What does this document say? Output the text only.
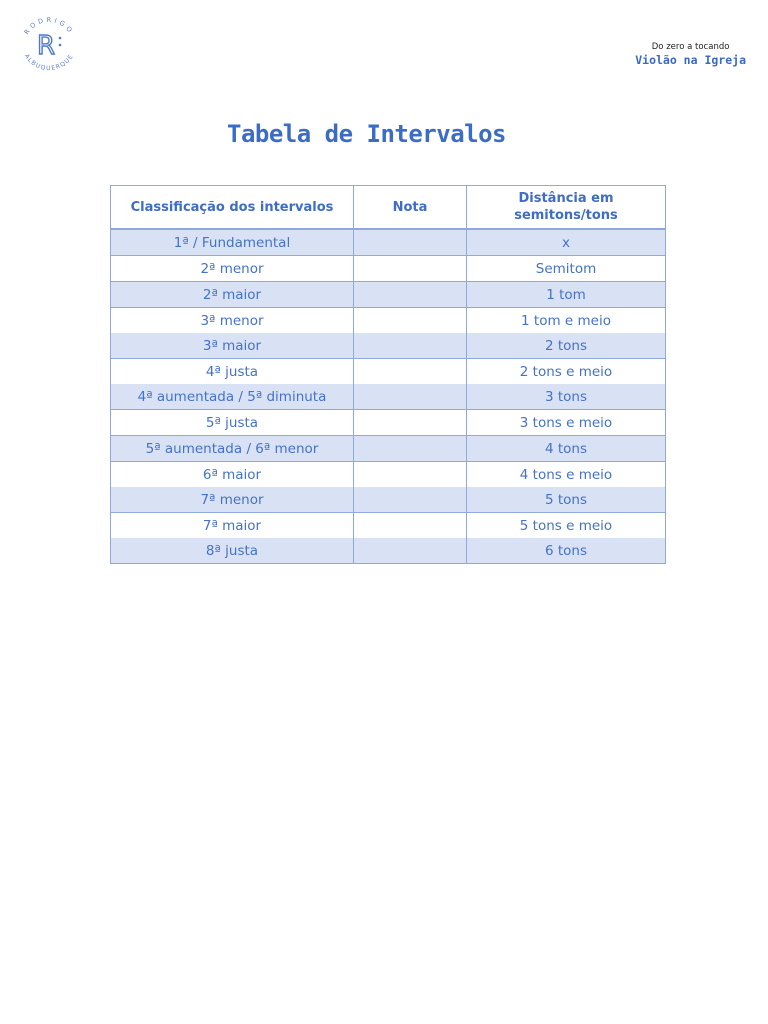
RODRIGO
ALBUQUERQUE
R	Do zero a tocando
Violão na Igreja
Tabela de Intervalos
Classificação dos intervalos	Nota	Distância em semitons/tons
1ª / Fundamental		x
2ª menor		Semitom
2ª maior		1 tom
3ª menor		1 tom e meio
3ª maior		2 tons
4ª justa		2 tons e meio
4ª aumentada / 5ª diminuta		3 tons
5ª justa		3 tons e meio
5ª aumentada / 6ª menor		4 tons
6ª maior		4 tons e meio
7ª menor		5 tons
7ª maior		5 tons e meio
8ª justa		6 tons
